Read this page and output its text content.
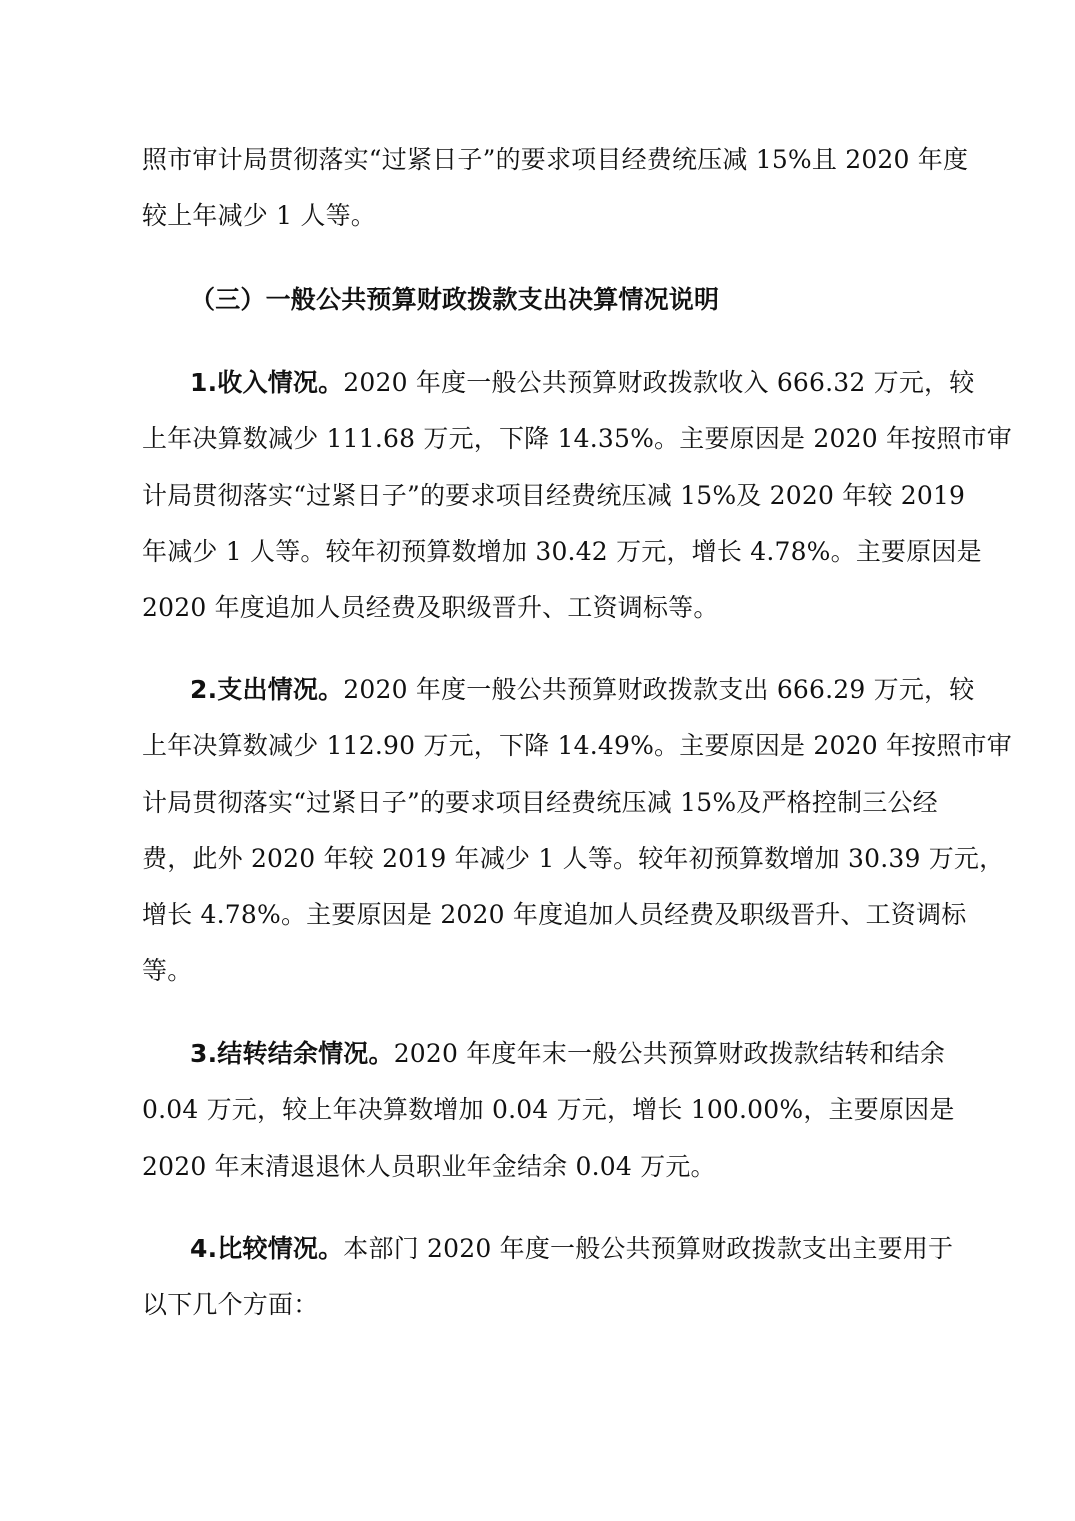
照市审计局贯彻落实“过紧日子”的要求项目经费统压减 15%且 2020 年度
较上年减少 1 人等。
（三）一般公共预算财政拨款支出决算情况说明
1.收入情况。2020 年度一般公共预算财政拨款收入 666.32 万元，较
上年决算数减少 111.68 万元，下降 14.35%。主要原因是 2020 年按照市审
计局贯彻落实“过紧日子”的要求项目经费统压减 15%及 2020 年较 2019
年减少 1 人等。较年初预算数增加 30.42 万元，增长 4.78%。主要原因是
2020 年度追加人员经费及职级晋升、工资调标等。
2.支出情况。2020 年度一般公共预算财政拨款支出 666.29 万元，较
上年决算数减少 112.90 万元，下降 14.49%。主要原因是 2020 年按照市审
计局贯彻落实“过紧日子”的要求项目经费统压减 15%及严格控制三公经
费，此外 2020 年较 2019 年减少 1 人等。较年初预算数增加 30.39 万元，
增长 4.78%。主要原因是 2020 年度追加人员经费及职级晋升、工资调标
等。
3.结转结余情况。2020 年度年末一般公共预算财政拨款结转和结余
0.04 万元，较上年决算数增加 0.04 万元，增长 100.00%，主要原因是
2020 年末清退退休人员职业年金结余 0.04 万元。
4.比较情况。本部门 2020 年度一般公共预算财政拨款支出主要用于
以下几个方面：
